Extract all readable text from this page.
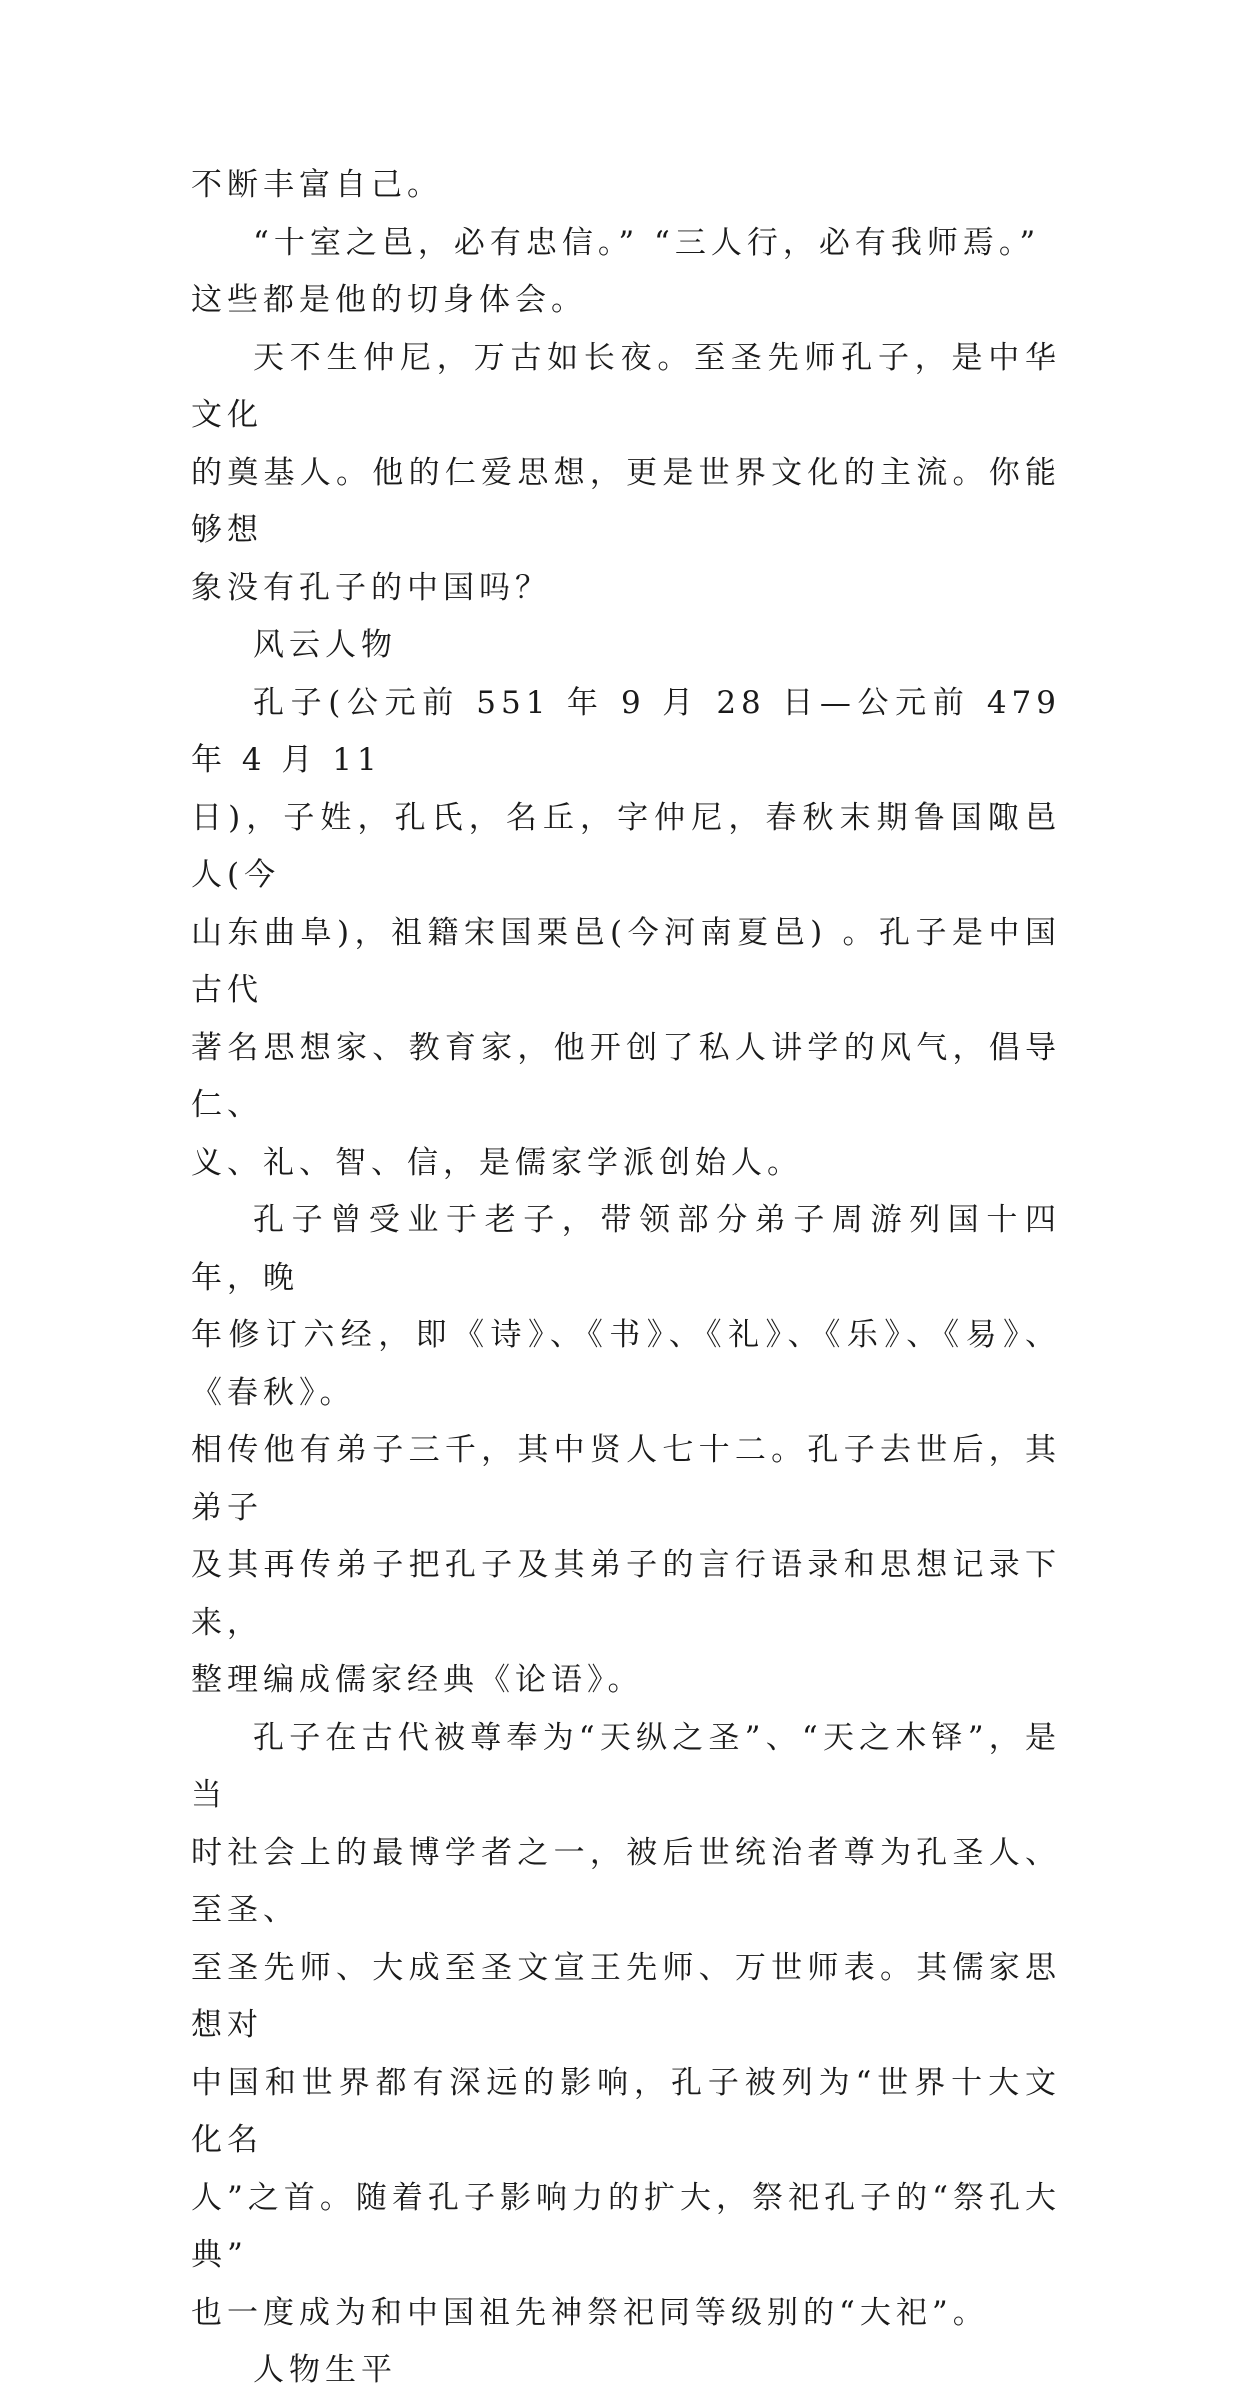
不断丰富自己。

“十室之邑，必有忠信。” “三人行，必有我师焉。”
这些都是他的切身体会。

天不生仲尼，万古如长夜。至圣先师孔子，是中华文化
的奠基人。他的仁爱思想，更是世界文化的主流。你能够想
象没有孔子的中国吗？

风云人物

孔子(公元前 551 年 9 月 28 日—公元前 479 年 4 月 11
日)，子姓，孔氏，名丘，字仲尼，春秋末期鲁国陬邑人(今
山东曲阜)，祖籍宋国栗邑(今河南夏邑) 。孔子是中国古代
著名思想家、教育家，他开创了私人讲学的风气，倡导仁、
义、礼、智、信，是儒家学派创始人。

孔子曾受业于老子，带领部分弟子周游列国十四年，晚
年修订六经，即《诗》、《书》、《礼》、《乐》、《易》、《春秋》。
相传他有弟子三千，其中贤人七十二。孔子去世后，其弟子
及其再传弟子把孔子及其弟子的言行语录和思想记录下来，
整理编成儒家经典《论语》。

孔子在古代被尊奉为“天纵之圣”、“天之木铎”，是当
时社会上的最博学者之一，被后世统治者尊为孔圣人、至圣、
至圣先师、大成至圣文宣王先师、万世师表。其儒家思想对
中国和世界都有深远的影响，孔子被列为“世界十大文化名
人”之首。随着孔子影响力的扩大，祭祀孔子的“祭孔大典”
也一度成为和中国祖先神祭祀同等级别的“大祀”。

人物生平
